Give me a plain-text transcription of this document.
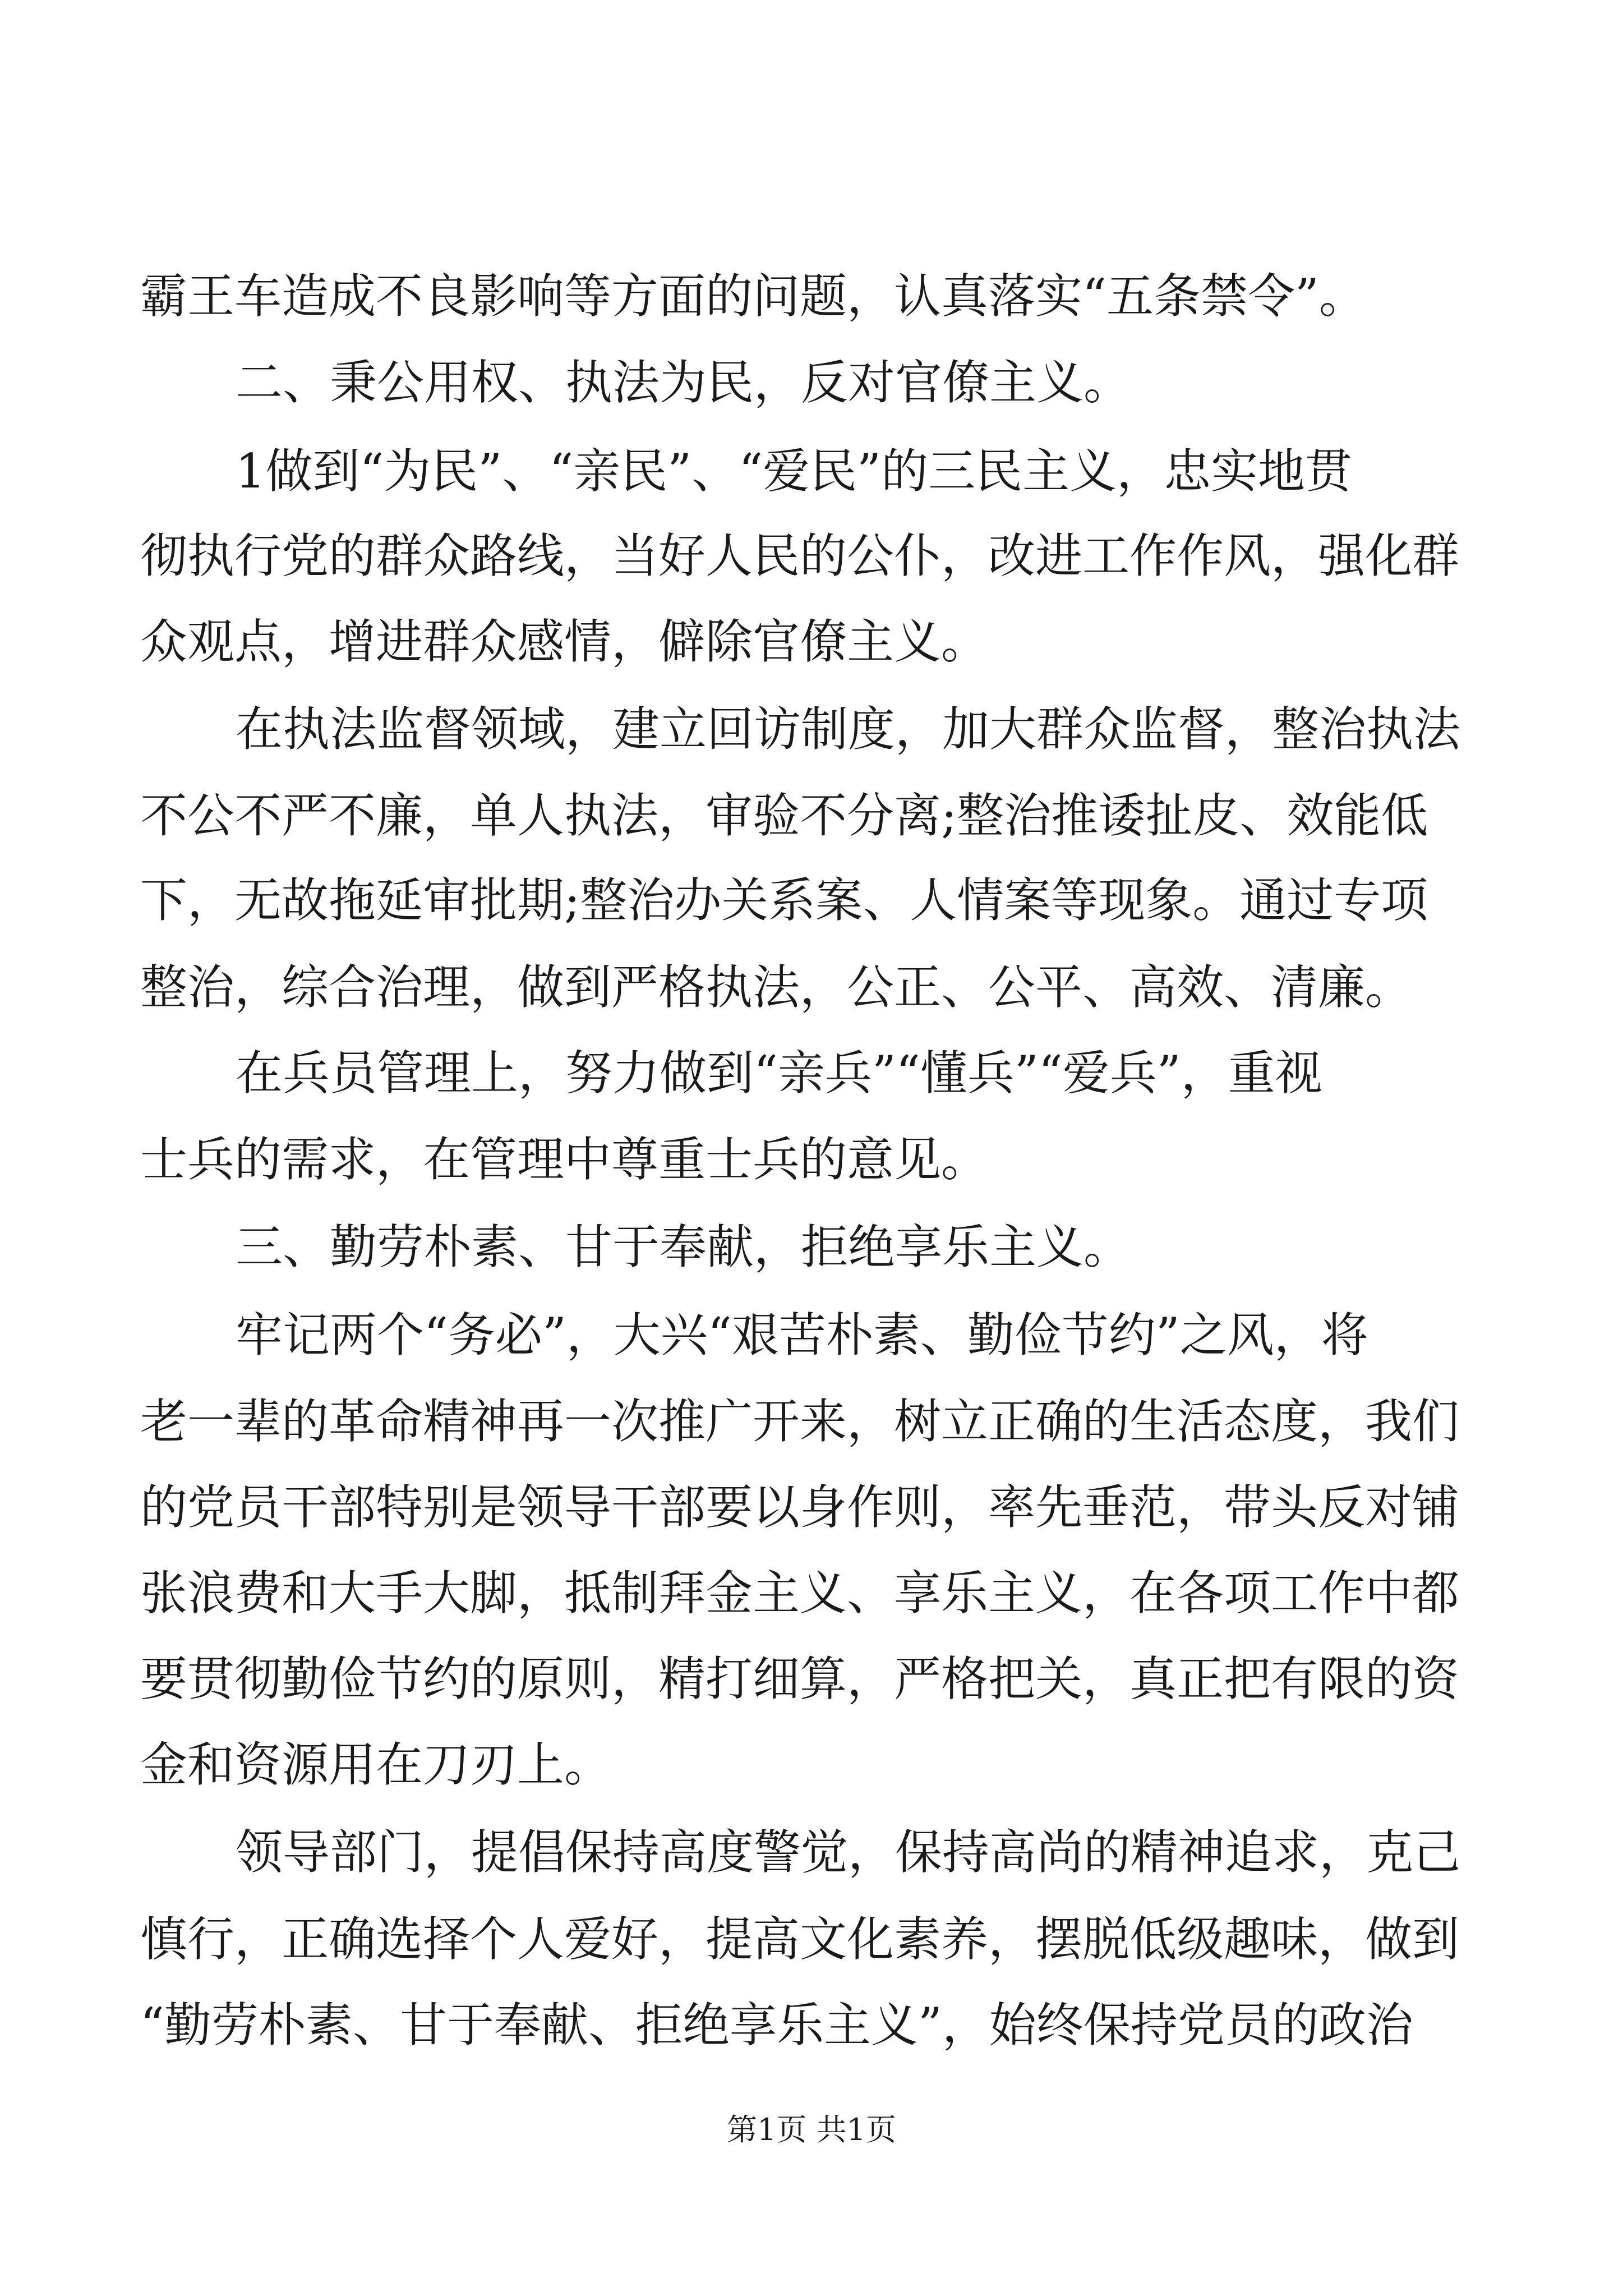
霸王车造成不良影响等方面的问题，认真落实“五条禁令”。
二、秉公用权、执法为民，反对官僚主义。
1做到“为民”、“亲民”、“爱民”的三民主义，忠实地贯
彻执行党的群众路线，当好人民的公仆，改进工作作风，强化群
众观点，增进群众感情，僻除官僚主义。
在执法监督领域，建立回访制度，加大群众监督，整治执法
不公不严不廉，单人执法，审验不分离;整治推诿扯皮、效能低
下，无故拖延审批期;整治办关系案、人情案等现象。通过专项
整治，综合治理，做到严格执法，公正、公平、高效、清廉。
在兵员管理上，努力做到“亲兵”“懂兵”“爱兵”，重视
士兵的需求，在管理中尊重士兵的意见。
三、勤劳朴素、甘于奉献，拒绝享乐主义。
牢记两个“务必”，大兴“艰苦朴素、勤俭节约”之风，将
老一辈的革命精神再一次推广开来，树立正确的生活态度，我们
的党员干部特别是领导干部要以身作则，率先垂范，带头反对铺
张浪费和大手大脚，抵制拜金主义、享乐主义，在各项工作中都
要贯彻勤俭节约的原则，精打细算，严格把关，真正把有限的资
金和资源用在刀刃上。
领导部门，提倡保持高度警觉，保持高尚的精神追求，克己
慎行，正确选择个人爱好，提高文化素养，摆脱低级趣味，做到
“勤劳朴素、甘于奉献、拒绝享乐主义”，始终保持党员的政治
第1页 共1页
